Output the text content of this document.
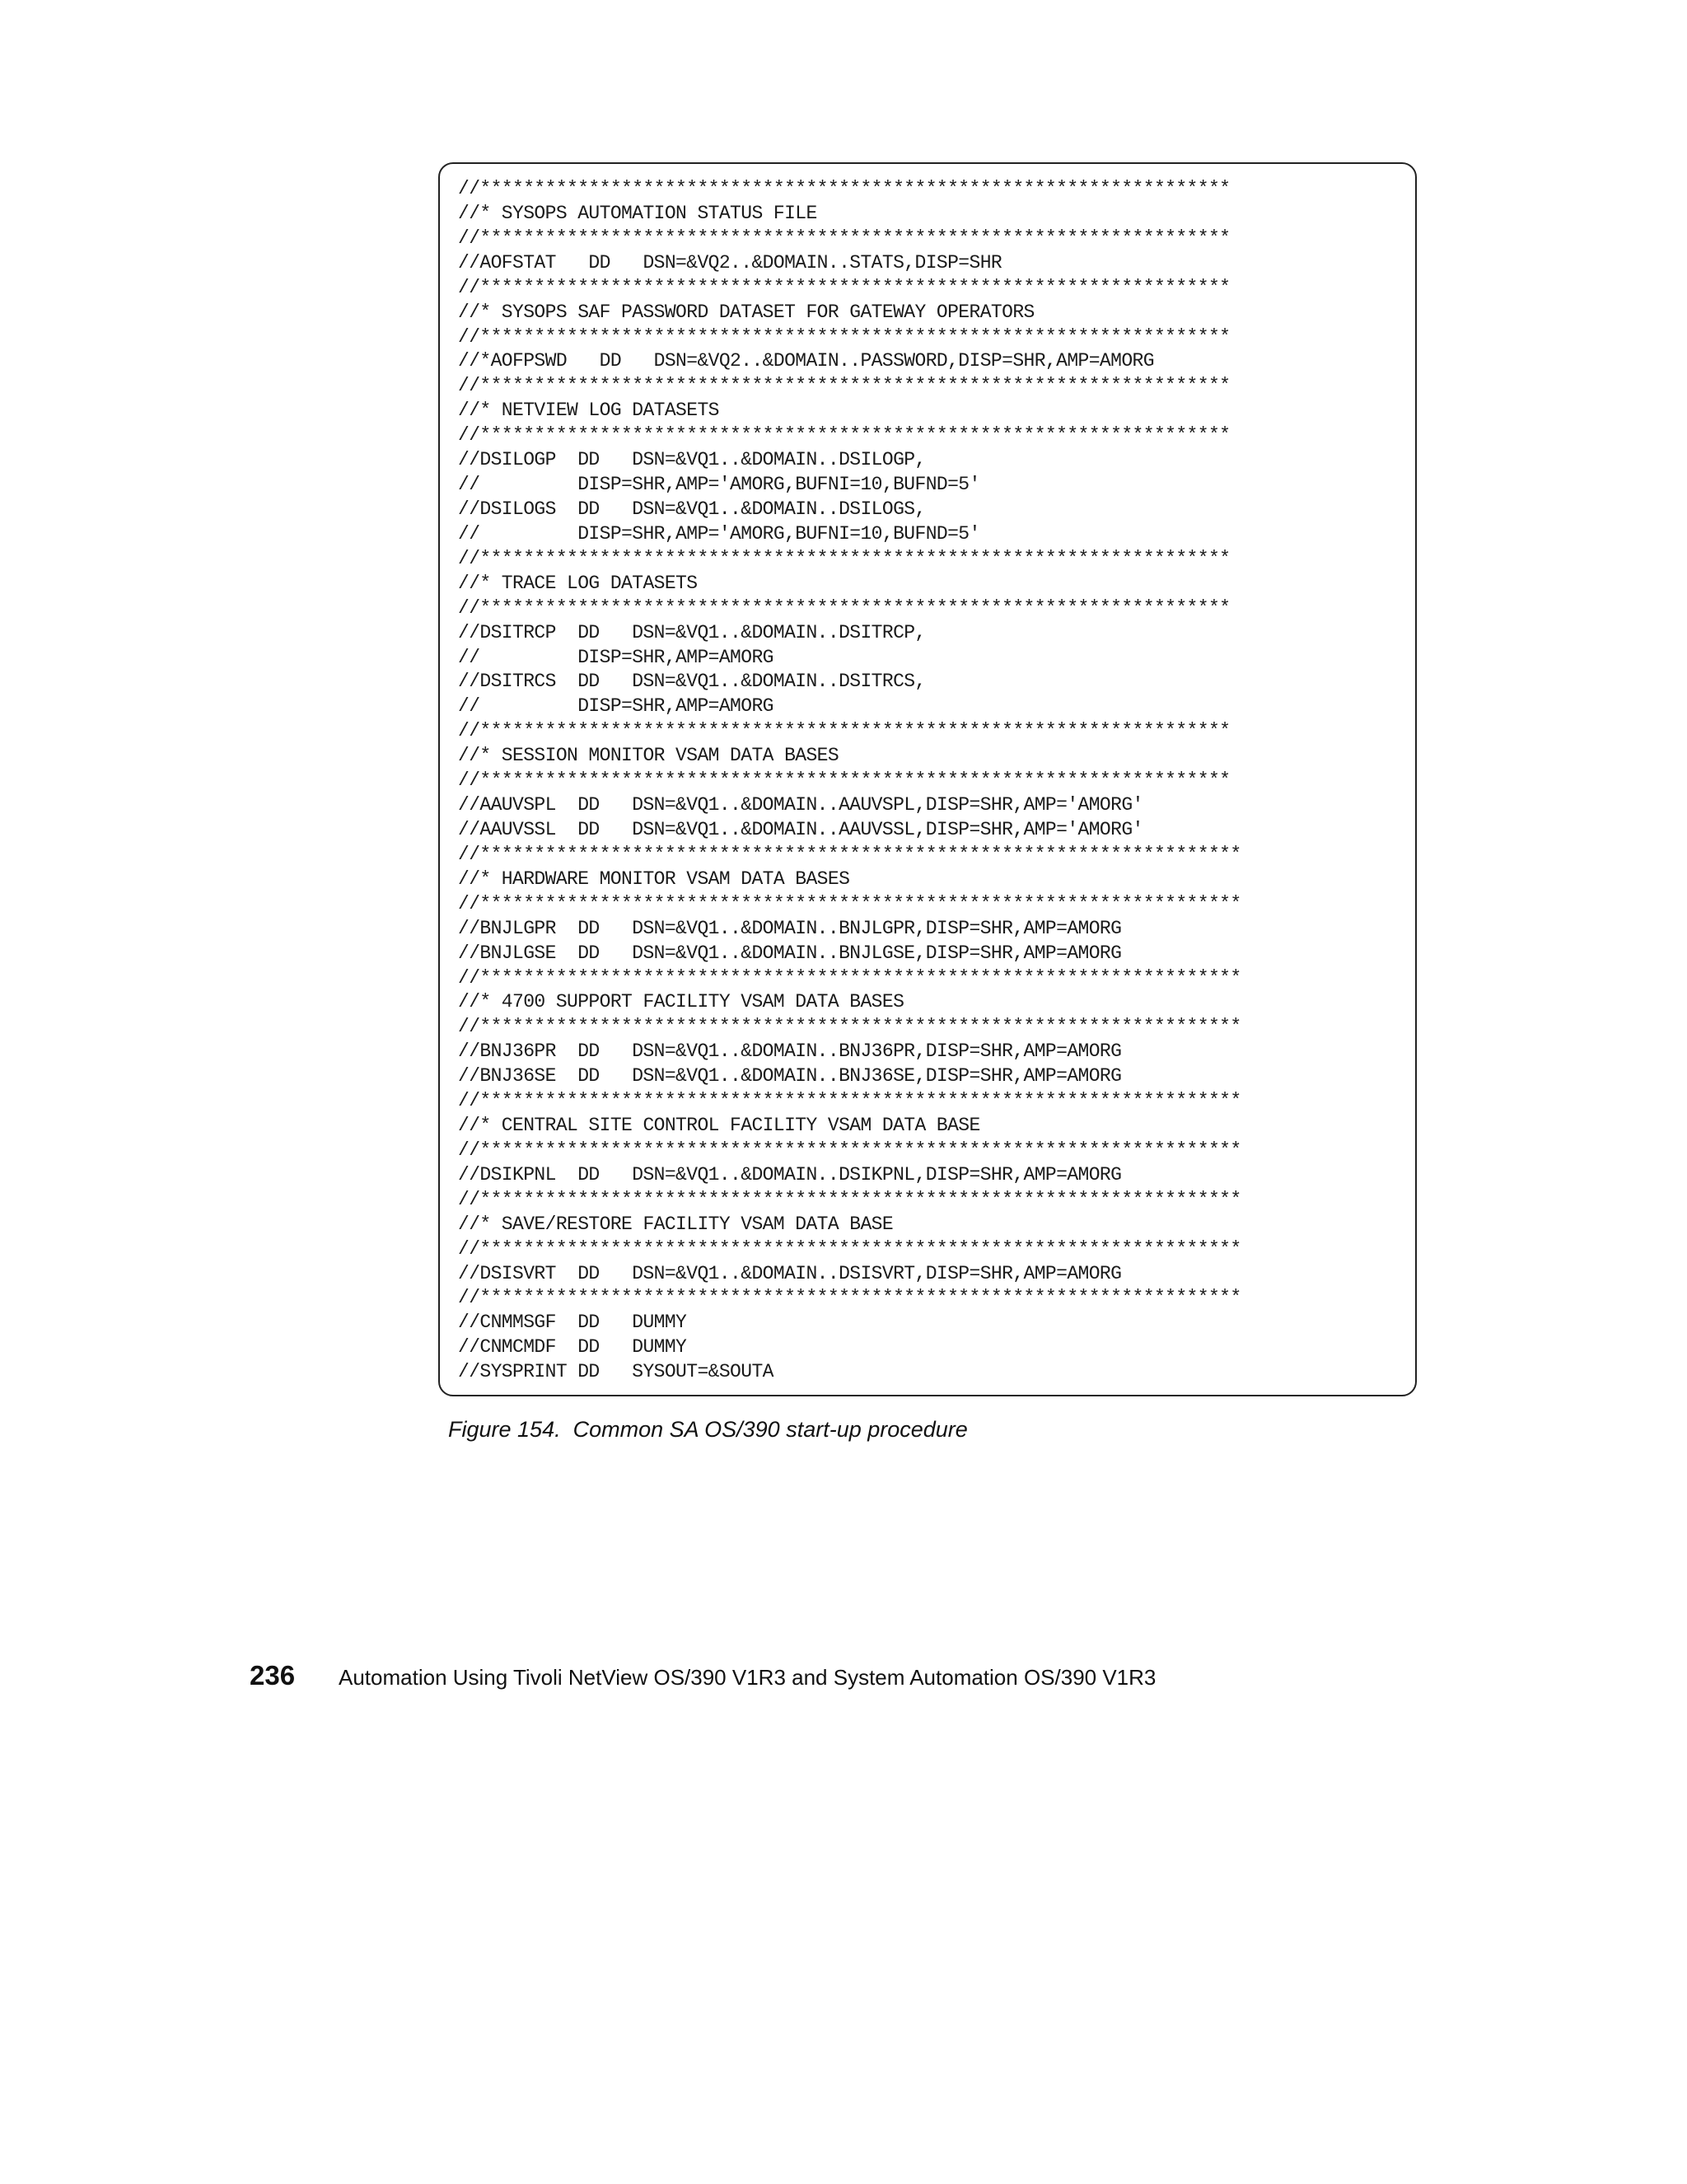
//*********************************************************************
//* SYSOPS AUTOMATION STATUS FILE
//*********************************************************************
//AOFSTAT   DD   DSN=&VQ2..&DOMAIN..STATS,DISP=SHR
//*********************************************************************
//* SYSOPS SAF PASSWORD DATASET FOR GATEWAY OPERATORS
//*********************************************************************
//*AOFPSWD   DD   DSN=&VQ2..&DOMAIN..PASSWORD,DISP=SHR,AMP=AMORG
//*********************************************************************
//* NETVIEW LOG DATASETS
//*********************************************************************
//DSILOGP  DD   DSN=&VQ1..&DOMAIN..DSILOGP,
//         DISP=SHR,AMP='AMORG,BUFNI=10,BUFND=5'
//DSILOGS  DD   DSN=&VQ1..&DOMAIN..DSILOGS,
//         DISP=SHR,AMP='AMORG,BUFNI=10,BUFND=5'
//*********************************************************************
//* TRACE LOG DATASETS
//*********************************************************************
//DSITRCP  DD   DSN=&VQ1..&DOMAIN..DSITRCP,
//         DISP=SHR,AMP=AMORG
//DSITRCS  DD   DSN=&VQ1..&DOMAIN..DSITRCS,
//         DISP=SHR,AMP=AMORG
//*********************************************************************
//* SESSION MONITOR VSAM DATA BASES
//*********************************************************************
//AAUVSPL  DD   DSN=&VQ1..&DOMAIN..AAUVSPL,DISP=SHR,AMP='AMORG'
//AAUVSSL  DD   DSN=&VQ1..&DOMAIN..AAUVSSL,DISP=SHR,AMP='AMORG'
//**********************************************************************
//* HARDWARE MONITOR VSAM DATA BASES
//**********************************************************************
//BNJLGPR  DD   DSN=&VQ1..&DOMAIN..BNJLGPR,DISP=SHR,AMP=AMORG
//BNJLGSE  DD   DSN=&VQ1..&DOMAIN..BNJLGSE,DISP=SHR,AMP=AMORG
//**********************************************************************
//* 4700 SUPPORT FACILITY VSAM DATA BASES
//**********************************************************************
//BNJ36PR  DD   DSN=&VQ1..&DOMAIN..BNJ36PR,DISP=SHR,AMP=AMORG
//BNJ36SE  DD   DSN=&VQ1..&DOMAIN..BNJ36SE,DISP=SHR,AMP=AMORG
//**********************************************************************
//* CENTRAL SITE CONTROL FACILITY VSAM DATA BASE
//**********************************************************************
//DSIKPNL  DD   DSN=&VQ1..&DOMAIN..DSIKPNL,DISP=SHR,AMP=AMORG
//**********************************************************************
//* SAVE/RESTORE FACILITY VSAM DATA BASE
//**********************************************************************
//DSISVRT  DD   DSN=&VQ1..&DOMAIN..DSISVRT,DISP=SHR,AMP=AMORG
//**********************************************************************
//CNMMSGF  DD   DUMMY
//CNMCMDF  DD   DUMMY
//SYSPRINT DD   SYSOUT=&SOUTA
Figure 154.  Common SA OS/390 start-up procedure
236 Automation Using Tivoli NetView OS/390 V1R3 and System Automation OS/390 V1R3
